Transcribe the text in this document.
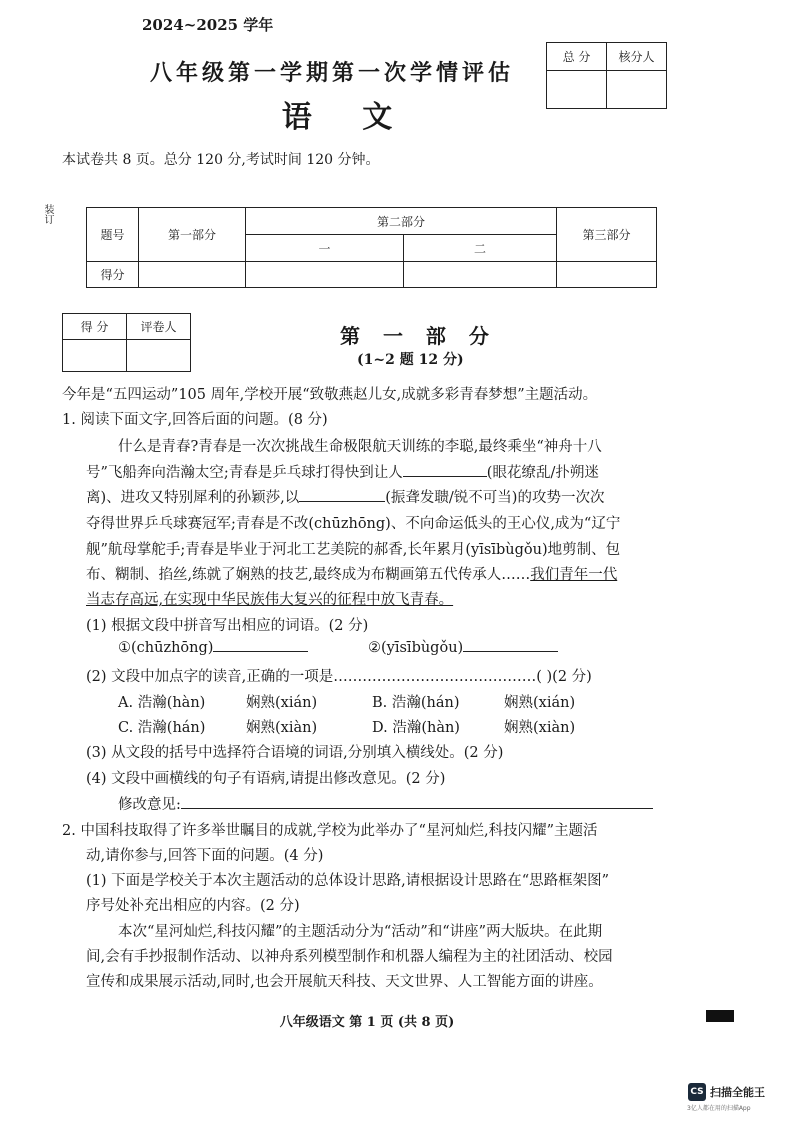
2024~2025 学年
八年级第一学期第一次学情评估
语 文
总 分	核分人

本试卷共 8 页。总分 120 分,考试时间 120 分钟。
装订
题号	第一部分	第二部分		第三部分
		一	二	
得分				
得 分	评卷人
		第 一 部 分
(1~2 题 12 分)
今年是“五四运动”105 周年,学校开展“致敬燕赵儿女,成就多彩青春梦想”主题活动。
1. 阅读下面文字,回答后面的问题。(8 分)
什么是青春?青春是一次次挑战生命极限航天训练的李聪,最终乘坐“神舟十八
号”飞船奔向浩瀚太空;青春是乒乓球打得快到让人	(眼花缭乱/扑朔迷
离)、进攻又特别犀利的孙颖莎,以	(振聋发聩/锐不可当)的攻势一次次
夺得世界乒乓球赛冠军;青春是不改(chūzhōng)、不向命运低头的王心仪,成为“辽宁
舰”航母掌舵手;青春是毕业于河北工艺美院的郝香,长年累月(yīsībùgǒu)地剪制、包
布、糊制、掐丝,练就了娴熟的技艺,最终成为布糊画第五代传承人……我们青年一代
当志存高远,在实现中华民族伟大复兴的征程中放飞青春。
(1) 根据文段中拼音写出相应的词语。(2 分)
①(chūzhōng)	②(yīsībùgǒu)
(2) 文段中加点字的读音,正确的一项是……………………………………( )(2 分)
A. 浩瀚(hàn)	娴熟(xián)	B. 浩瀚(hán)	娴熟(xián)
C. 浩瀚(hán)	娴熟(xiàn)	D. 浩瀚(hàn)	娴熟(xiàn)
(3) 从文段的括号中选择符合语境的词语,分别填入横线处。(2 分)
(4) 文段中画横线的句子有语病,请提出修改意见。(2 分)
修改意见:
2. 中国科技取得了许多举世瞩目的成就,学校为此举办了“星河灿烂,科技闪耀”主题活
动,请你参与,回答下面的问题。(4 分)
(1) 下面是学校关于本次主题活动的总体设计思路,请根据设计思路在“思路框架图”
序号处补充出相应的内容。(2 分)
本次“星河灿烂,科技闪耀”的主题活动分为“活动”和“讲座”两大版块。在此期
间,会有手抄报制作活动、以神舟系列模型制作和机器人编程为主的社团活动、校园
宣传和成果展示活动,同时,也会开展航天科技、天文世界、人工智能方面的讲座。
八年级语文 第 1 页 (共 8 页)
CS 扫描全能王
3亿人都在用的扫描App
